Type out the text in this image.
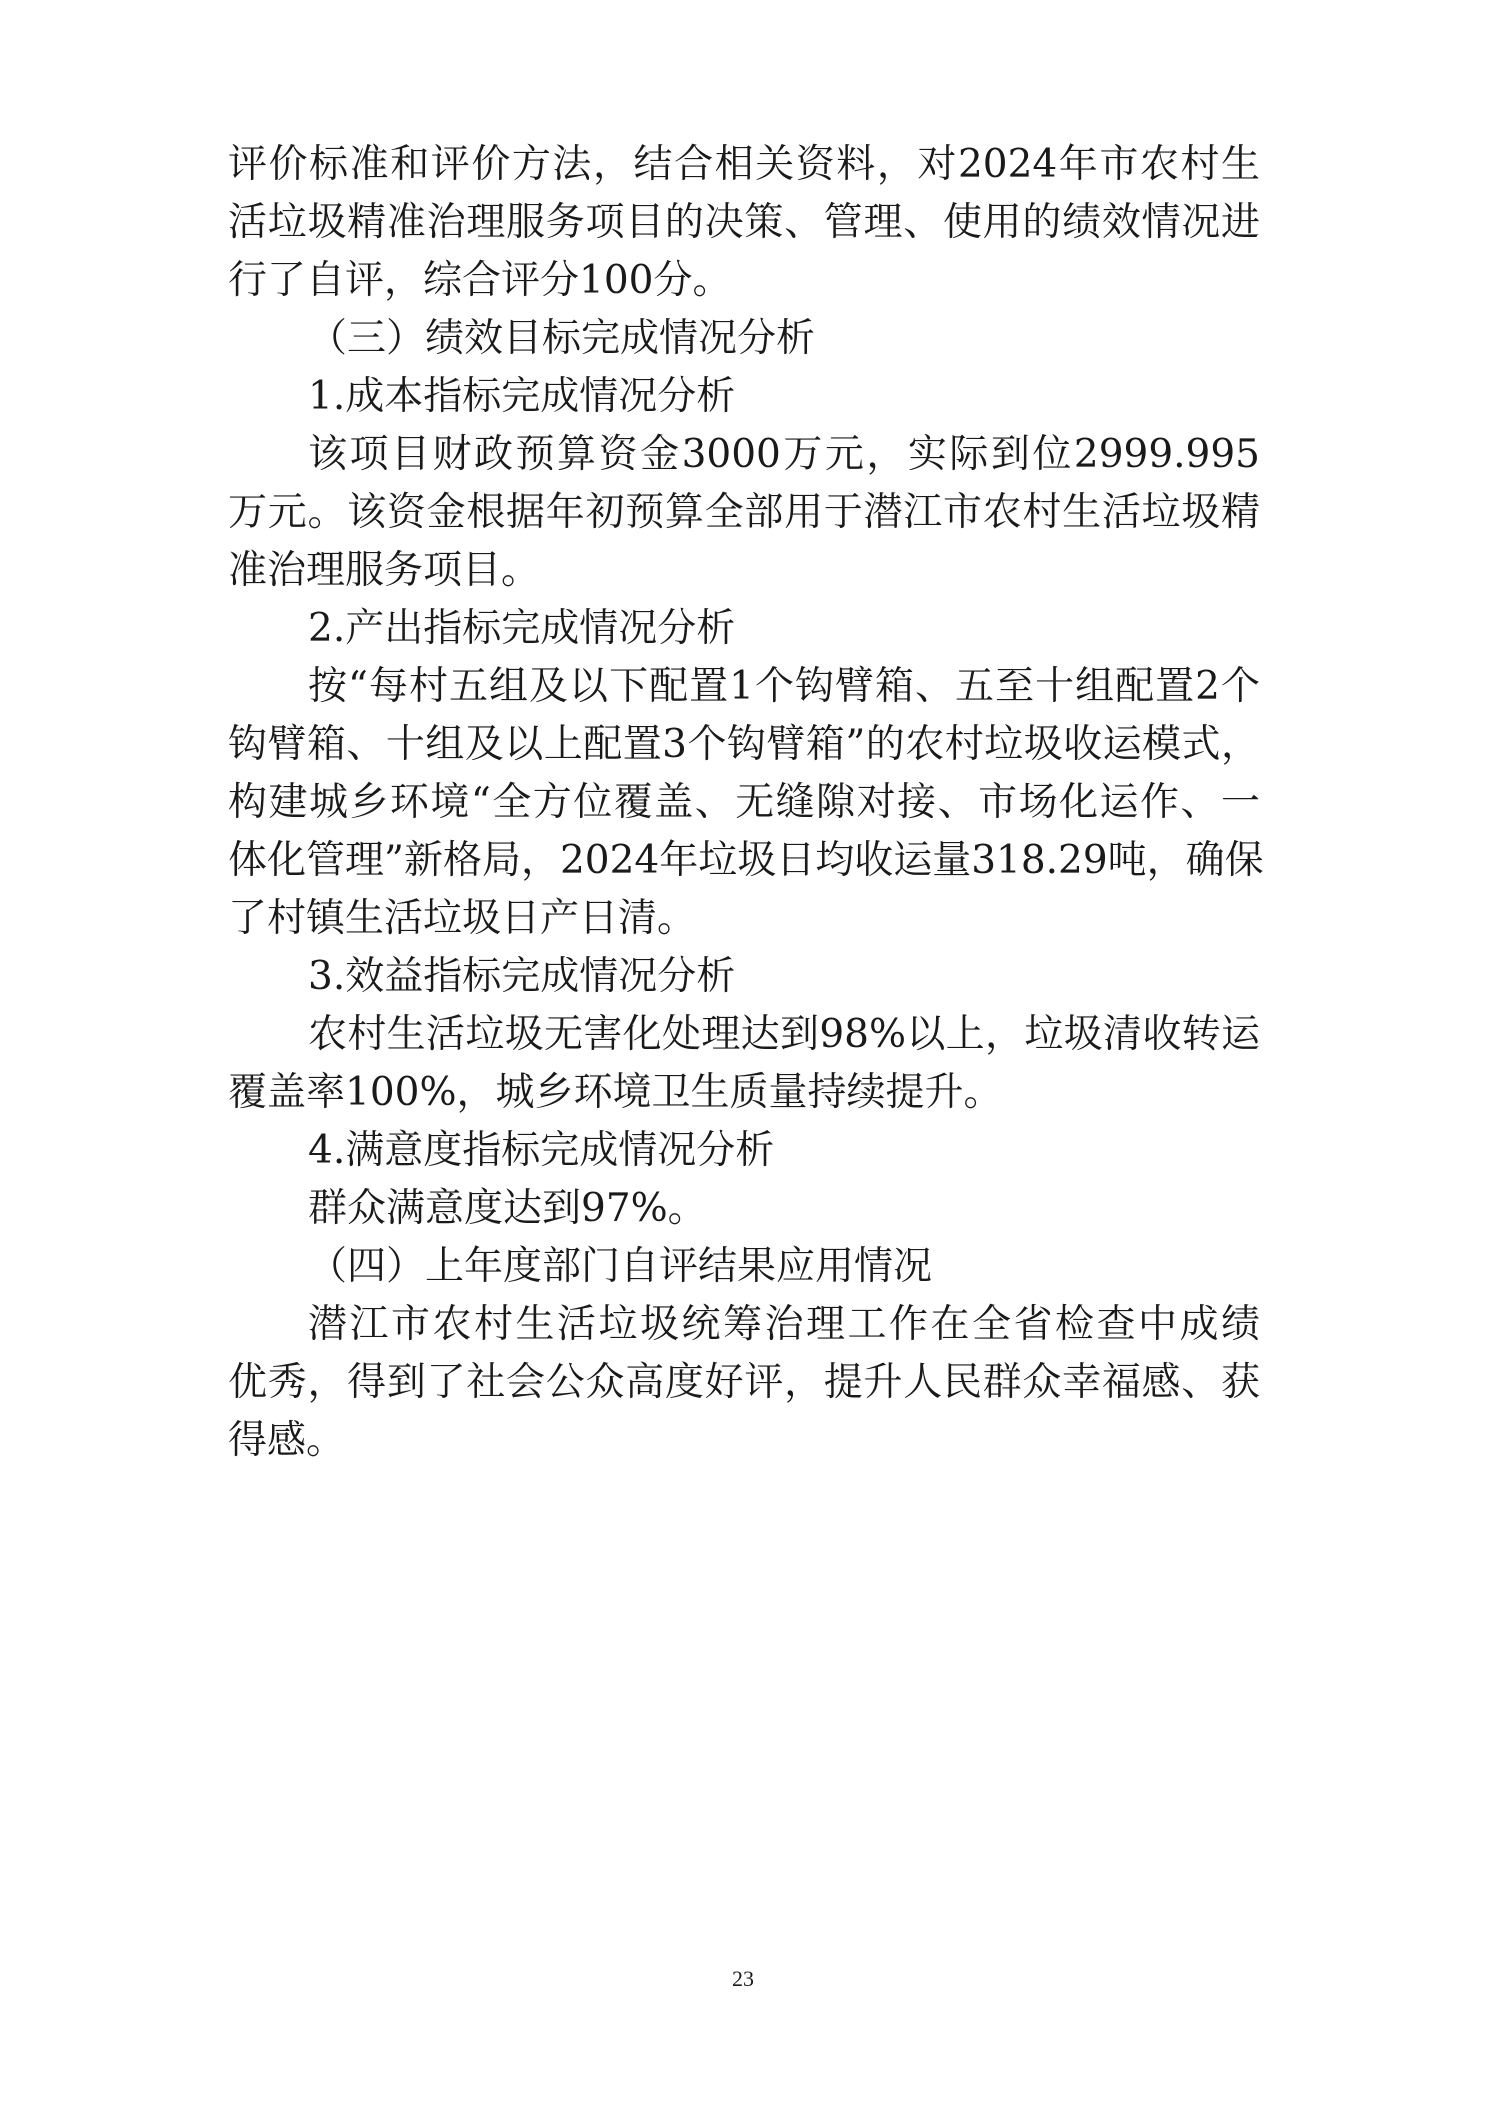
评价标准和评价方法，结合相关资料，对2024年市农村生
活垃圾精准治理服务项目的决策、管理、使用的绩效情况进
行了自评，综合评分100分。
（三）绩效目标完成情况分析
1.成本指标完成情况分析
该项目财政预算资金3000万元，实际到位2999.995
万元。该资金根据年初预算全部用于潜江市农村生活垃圾精
准治理服务项目。
2.产出指标完成情况分析
按“每村五组及以下配置1个钩臂箱、五至十组配置2个
钩臂箱、十组及以上配置3个钩臂箱”的农村垃圾收运模式，
构建城乡环境“全方位覆盖、无缝隙对接、市场化运作、一
体化管理”新格局，2024年垃圾日均收运量318.29吨，确保
了村镇生活垃圾日产日清。
3.效益指标完成情况分析
农村生活垃圾无害化处理达到98%以上，垃圾清收转运
覆盖率100%，城乡环境卫生质量持续提升。
4.满意度指标完成情况分析
群众满意度达到97%。
（四）上年度部门自评结果应用情况
潜江市农村生活垃圾统筹治理工作在全省检查中成绩
优秀，得到了社会公众高度好评，提升人民群众幸福感、获
得感。
23
